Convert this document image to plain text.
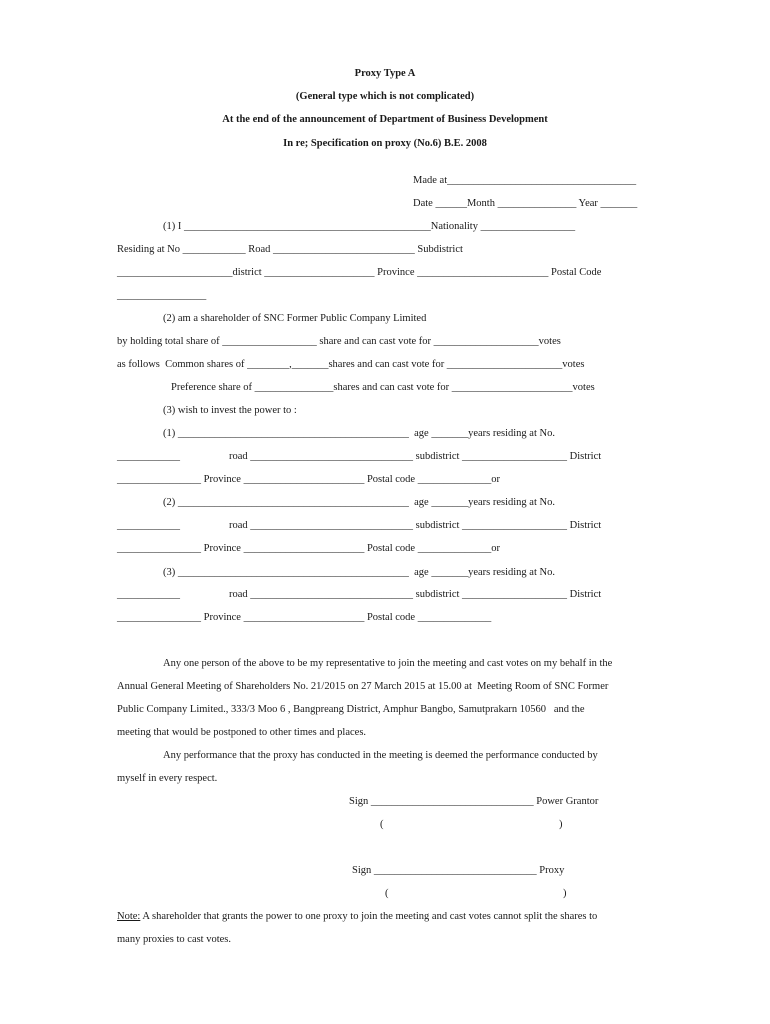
Proxy Type A
(General type which is not complicated)
At the end of the announcement of Department of Business Development
In re; Specification on proxy (No.6) B.E. 2008
Made at____________________________________
Date ______Month _______________ Year _______
(1) I _______________________________________________Nationality __________________
Residing at No ____________ Road ___________________________ Subdistrict
______________________district _____________________ Province _________________________ Postal Code
_________________
(2) am a shareholder of SNC Former Public Company Limited
by holding total share of __________________ share and can cast vote for ____________________votes
as follows  Common shares of ________,_______shares and can cast vote for ______________________votes
Preference share of _______________shares and can cast vote for _______________________votes
(3) wish to invest the power to :
(1) ____________________________________________  age _______years residing at No.
____________	road _______________________________ subdistrict ____________________ District
________________ Province _______________________ Postal code ______________or
(2) ____________________________________________  age _______years residing at No.
____________	road _______________________________ subdistrict ____________________ District
________________ Province _______________________ Postal code ______________or
(3) ____________________________________________  age _______years residing at No.
____________	road _______________________________ subdistrict ____________________ District
________________ Province _______________________ Postal code ______________
Any one person of the above to be my representative to join the meeting and cast votes on my behalf in the
Annual General Meeting of Shareholders No. 21/2015 on 27 March 2015 at 15.00 at  Meeting Room of SNC Former
Public Company Limited., 333/3 Moo 6 , Bangpreang District, Amphur Bangbo, Samutprakarn 10560   and the
meeting that would be postponed to other times and places.
Any performance that the proxy has conducted in the meeting is deemed the performance conducted by
myself in every respect.
Sign _______________________________ Power Grantor
(	)
Sign _______________________________ Proxy
(	)
Note: A shareholder that grants the power to one proxy to join the meeting and cast votes cannot split the shares to
many proxies to cast votes.
